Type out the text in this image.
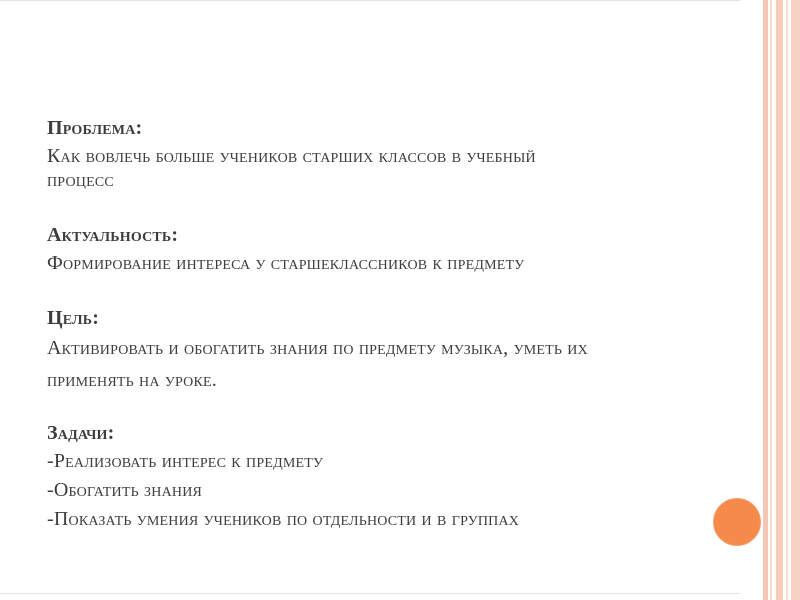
Проблема:

Как вовлечь больше учеников старших классов в учебный

процесс

Актуальность:

Формирование интереса у старшеклассников к предмету

Цель:

Активировать и обогатить знания по предмету музыка, уметь их

применять на уроке.

Задачи:

-Реализовать интерес к предмету

-Обогатить знания

-Показать умения учеников по отдельности и в группах
